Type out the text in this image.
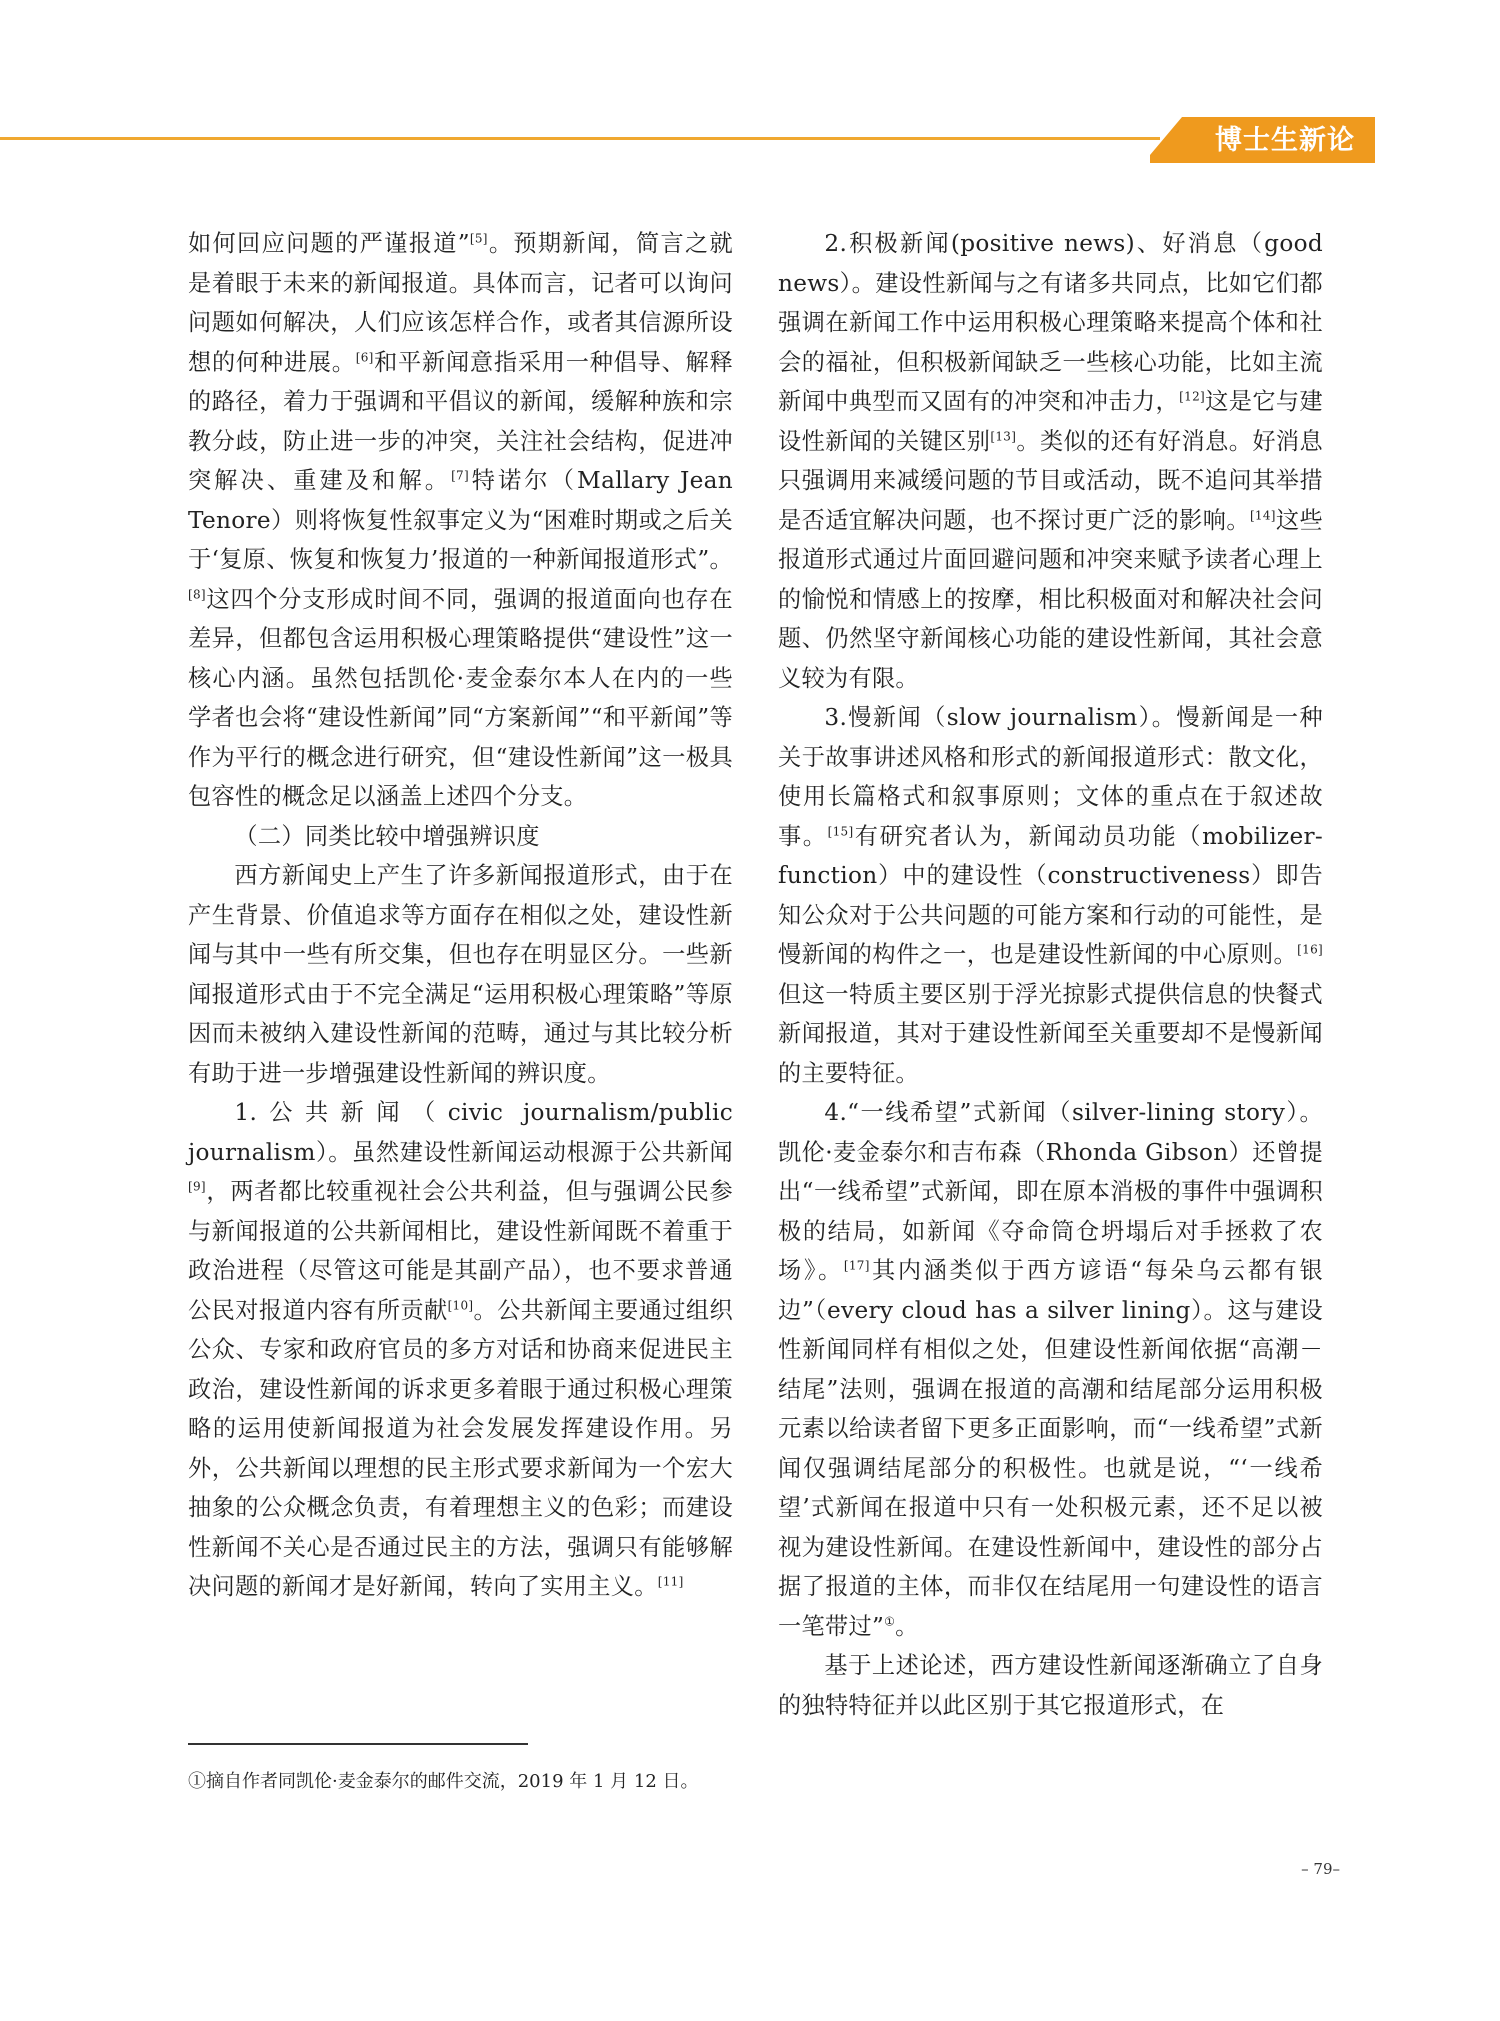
博士生新论

如何回应问题的严谨报道”[5]。预期新闻，简言之就是着眼于未来的新闻报道。具体而言，记者可以询问问题如何解决，人们应该怎样合作，或者其信源所设想的何种进展。[6]和平新闻意指采用一种倡导、解释的路径，着力于强调和平倡议的新闻，缓解种族和宗教分歧，防止进一步的冲突，关注社会结构，促进冲突解决、重建及和解。[7]特诺尔（Mallary Jean Tenore）则将恢复性叙事定义为“困难时期或之后关于‘复原、恢复和恢复力’报道的一种新闻报道形式”。[8]这四个分支形成时间不同，强调的报道面向也存在差异，但都包含运用积极心理策略提供“建设性”这一核心内涵。虽然包括凯伦·麦金泰尔本人在内的一些学者也会将“建设性新闻”同“方案新闻”“和平新闻”等作为平行的概念进行研究，但“建设性新闻”这一极具包容性的概念足以涵盖上述四个分支。

（二）同类比较中增强辨识度

西方新闻史上产生了许多新闻报道形式，由于在产生背景、价值追求等方面存在相似之处，建设性新闻与其中一些有所交集，但也存在明显区分。一些新闻报道形式由于不完全满足“运用积极心理策略”等原因而未被纳入建设性新闻的范畴，通过与其比较分析有助于进一步增强建设性新闻的辨识度。

1.公共新闻（civic journalism/public journalism）。虽然建设性新闻运动根源于公共新闻[9]，两者都比较重视社会公共利益，但与强调公民参与新闻报道的公共新闻相比，建设性新闻既不着重于政治进程（尽管这可能是其副产品），也不要求普通公民对报道内容有所贡献[10]。公共新闻主要通过组织公众、专家和政府官员的多方对话和协商来促进民主政治，建设性新闻的诉求更多着眼于通过积极心理策略的运用使新闻报道为社会发展发挥建设作用。另外，公共新闻以理想的民主形式要求新闻为一个宏大抽象的公众概念负责，有着理想主义的色彩；而建设性新闻不关心是否通过民主的方法，强调只有能够解决问题的新闻才是好新闻，转向了实用主义。[11]

2.积极新闻(positive news)、好消息（good news）。建设性新闻与之有诸多共同点，比如它们都强调在新闻工作中运用积极心理策略来提高个体和社会的福祉，但积极新闻缺乏一些核心功能，比如主流新闻中典型而又固有的冲突和冲击力，[12]这是它与建设性新闻的关键区别[13]。类似的还有好消息。好消息只强调用来减缓问题的节目或活动，既不追问其举措是否适宜解决问题，也不探讨更广泛的影响。[14]这些报道形式通过片面回避问题和冲突来赋予读者心理上的愉悦和情感上的按摩，相比积极面对和解决社会问题、仍然坚守新闻核心功能的建设性新闻，其社会意义较为有限。

3.慢新闻（slow journalism）。慢新闻是一种关于故事讲述风格和形式的新闻报道形式：散文化，使用长篇格式和叙事原则；文体的重点在于叙述故事。[15]有研究者认为，新闻动员功能（mobilizer-function）中的建设性（constructiveness）即告知公众对于公共问题的可能方案和行动的可能性，是慢新闻的构件之一，也是建设性新闻的中心原则。[16]但这一特质主要区别于浮光掠影式提供信息的快餐式新闻报道，其对于建设性新闻至关重要却不是慢新闻的主要特征。

4.“一线希望”式新闻（silver-lining story）。凯伦·麦金泰尔和吉布森（Rhonda Gibson）还曾提出“一线希望”式新闻，即在原本消极的事件中强调积极的结局，如新闻《夺命筒仓坍塌后对手拯救了农场》。[17]其内涵类似于西方谚语“每朵乌云都有银边”（every cloud has a silver lining）。这与建设性新闻同样有相似之处，但建设性新闻依据“高潮－结尾”法则，强调在报道的高潮和结尾部分运用积极元素以给读者留下更多正面影响，而“一线希望”式新闻仅强调结尾部分的积极性。也就是说，“‘一线希望’式新闻在报道中只有一处积极元素，还不足以被视为建设性新闻。在建设性新闻中，建设性的部分占据了报道的主体，而非仅在结尾用一句建设性的语言一笔带过”①。

基于上述论述，西方建设性新闻逐渐确立了自身的独特特征并以此区别于其它报道形式，在

①摘自作者同凯伦·麦金泰尔的邮件交流，2019 年 1 月 12 日。
– 79–
